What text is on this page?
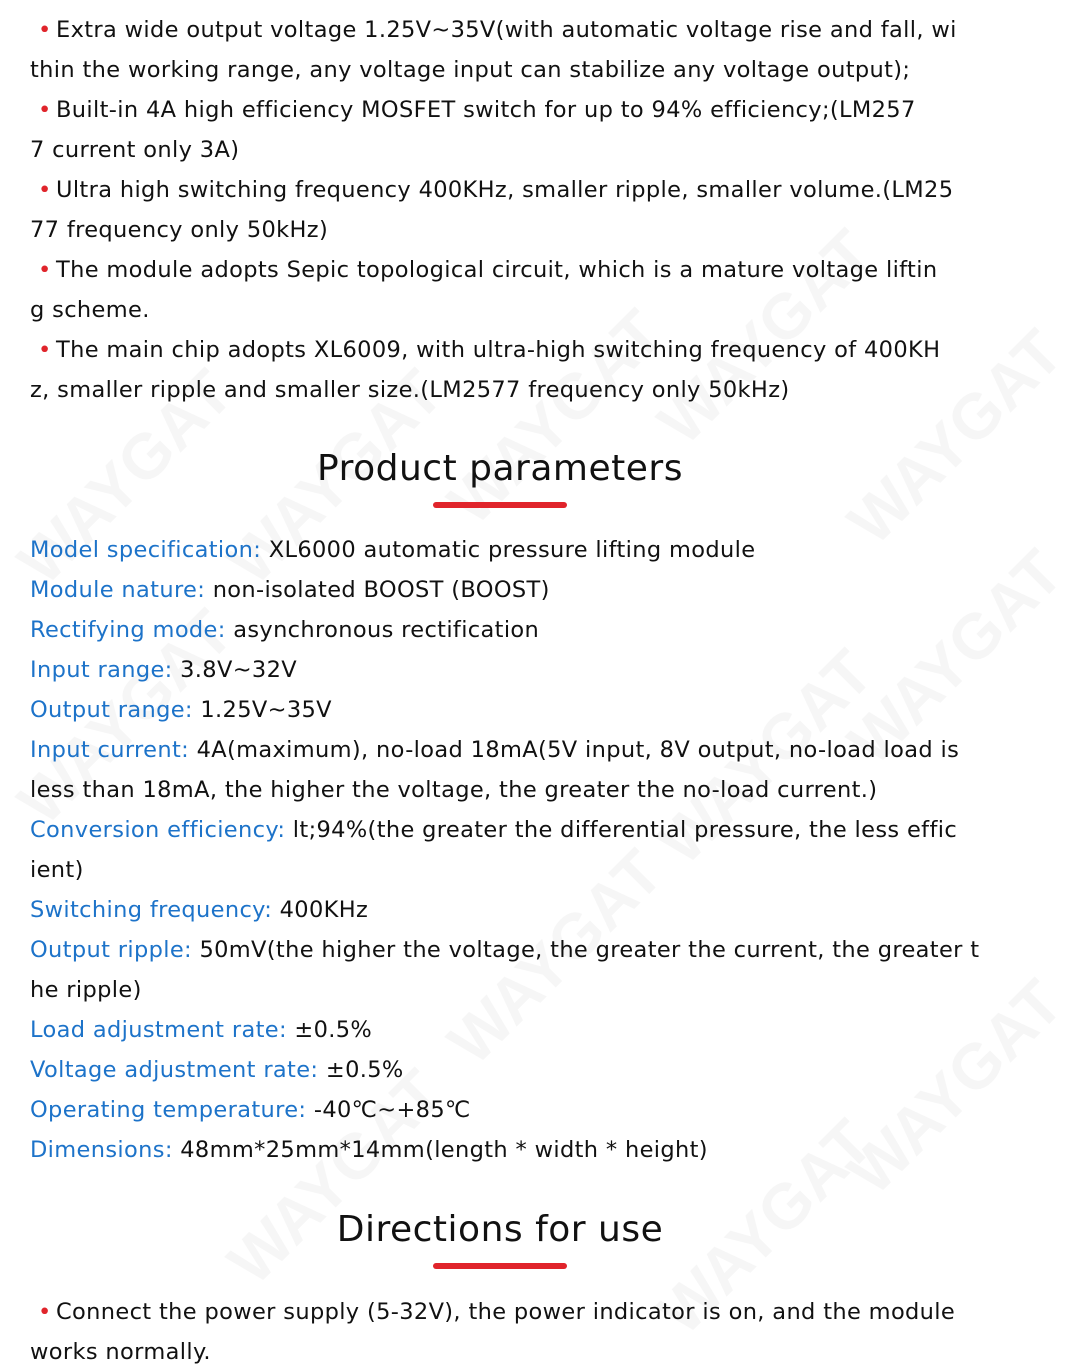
• Extra wide output voltage 1.25V~35V(with automatic voltage rise and fall, wi
thin the working range, any voltage input can stabilize any voltage output);
• Built-in 4A high efficiency MOSFET switch for up to 94% efficiency;(LM257
7 current only 3A)
• Ultra high switching frequency 400KHz, smaller ripple, smaller volume.(LM25
77 frequency only 50kHz)
• The module adopts Sepic topological circuit, which is a mature voltage liftin
g scheme.
• The main chip adopts XL6009, with ultra-high switching frequency of 400KH
z, smaller ripple and smaller size.(LM2577 frequency only 50kHz)
Product parameters
Model specification: XL6000 automatic pressure lifting module
Module nature: non-isolated BOOST (BOOST)
Rectifying mode: asynchronous rectification
Input range: 3.8V~32V
Output range: 1.25V~35V
Input current: 4A(maximum), no-load 18mA(5V input, 8V output, no-load load is
less than 18mA, the higher the voltage, the greater the no-load current.)
Conversion efficiency: lt;94%(the greater the differential pressure, the less effic
ient)
Switching frequency: 400KHz
Output ripple: 50mV(the higher the voltage, the greater the current, the greater t
he ripple)
Load adjustment rate: ±0.5%
Voltage adjustment rate: ±0.5%
Operating temperature: -40℃~+85℃
Dimensions: 48mm*25mm*14mm(length * width * height)
Directions for use
• Connect the power supply (5-32V), the power indicator is on, and the module
works normally.
